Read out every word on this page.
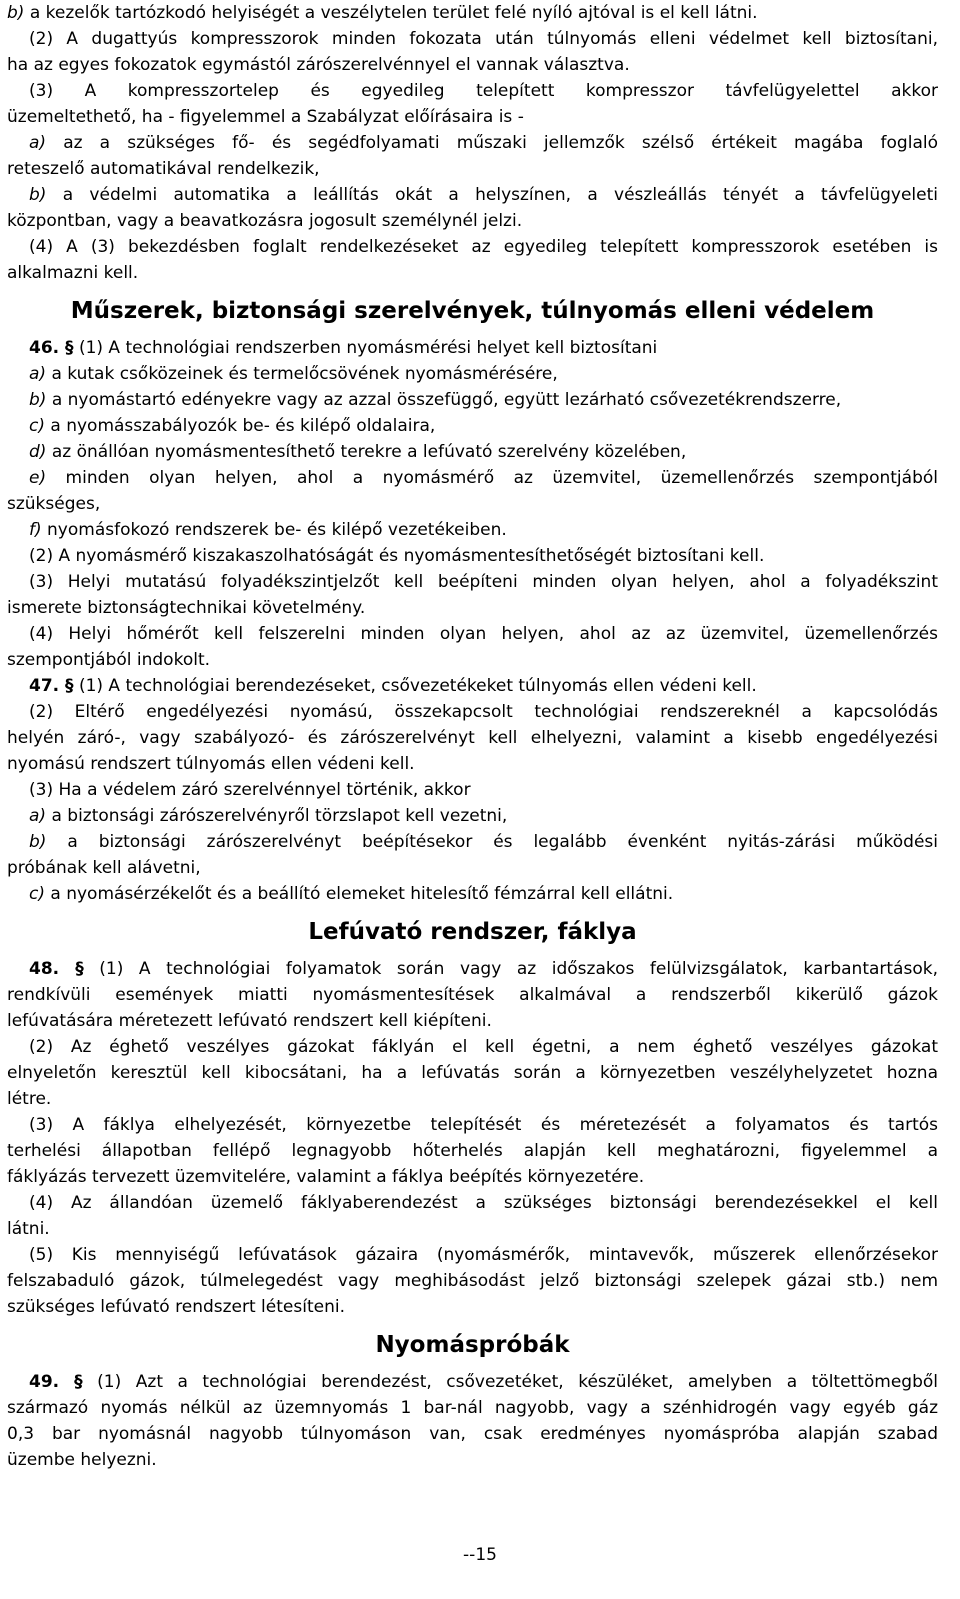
b) a kezelők tartózkodó helyiségét a veszélytelen terület felé nyíló ajtóval is el kell látni.
(2) A dugattyús kompresszorok minden fokozata után túlnyomás elleni védelmet kell biztosítani,
ha az egyes fokozatok egymástól zárószerelvénnyel el vannak választva.
(3) A kompresszortelep és egyedileg telepített kompresszor távfelügyelettel akkor
üzemeltethető, ha - figyelemmel a Szabályzat előírásaira is -
a) az a szükséges fő- és segédfolyamati műszaki jellemzők szélső értékeit magába foglaló
reteszelő automatikával rendelkezik,
b) a védelmi automatika a leállítás okát a helyszínen, a vészleállás tényét a távfelügyeleti
központban, vagy a beavatkozásra jogosult személynél jelzi.
(4) A (3) bekezdésben foglalt rendelkezéseket az egyedileg telepített kompresszorok esetében is
alkalmazni kell.
Műszerek, biztonsági szerelvények, túlnyomás elleni védelem
46. § (1) A technológiai rendszerben nyomásmérési helyet kell biztosítani
a) a kutak csőközeinek és termelőcsövének nyomásmérésére,
b) a nyomástartó edényekre vagy az azzal összefüggő, együtt lezárható csővezetékrendszerre,
c) a nyomásszabályozók be- és kilépő oldalaira,
d) az önállóan nyomásmentesíthető terekre a lefúvató szerelvény közelében,
e) minden olyan helyen, ahol a nyomásmérő az üzemvitel, üzemellenőrzés szempontjából
szükséges,
f) nyomásfokozó rendszerek be- és kilépő vezetékeiben.
(2) A nyomásmérő kiszakaszolhatóságát és nyomásmentesíthetőségét biztosítani kell.
(3) Helyi mutatású folyadékszintjelzőt kell beépíteni minden olyan helyen, ahol a folyadékszint
ismerete biztonságtechnikai követelmény.
(4) Helyi hőmérőt kell felszerelni minden olyan helyen, ahol az az üzemvitel, üzemellenőrzés
szempontjából indokolt.
47. § (1) A technológiai berendezéseket, csővezetékeket túlnyomás ellen védeni kell.
(2) Eltérő engedélyezési nyomású, összekapcsolt technológiai rendszereknél a kapcsolódás
helyén záró-, vagy szabályozó- és zárószerelvényt kell elhelyezni, valamint a kisebb engedélyezési
nyomású rendszert túlnyomás ellen védeni kell.
(3) Ha a védelem záró szerelvénnyel történik, akkor
a) a biztonsági zárószerelvényről törzslapot kell vezetni,
b) a biztonsági zárószerelvényt beépítésekor és legalább évenként nyitás-zárási működési
próbának kell alávetni,
c) a nyomásérzékelőt és a beállító elemeket hitelesítő fémzárral kell ellátni.
Lefúvató rendszer, fáklya
48. § (1) A technológiai folyamatok során vagy az időszakos felülvizsgálatok, karbantartások,
rendkívüli események miatti nyomásmentesítések alkalmával a rendszerből kikerülő gázok
lefúvatására méretezett lefúvató rendszert kell kiépíteni.
(2) Az éghető veszélyes gázokat fáklyán el kell égetni, a nem éghető veszélyes gázokat
elnyeletőn keresztül kell kibocsátani, ha a lefúvatás során a környezetben veszélyhelyzetet hozna
létre.
(3) A fáklya elhelyezését, környezetbe telepítését és méretezését a folyamatos és tartós
terhelési állapotban fellépő legnagyobb hőterhelés alapján kell meghatározni, figyelemmel a
fáklyázás tervezett üzemvitelére, valamint a fáklya beépítés környezetére.
(4) Az állandóan üzemelő fáklyaberendezést a szükséges biztonsági berendezésekkel el kell
látni.
(5) Kis mennyiségű lefúvatások gázaira (nyomásmérők, mintavevők, műszerek ellenőrzésekor
felszabaduló gázok, túlmelegedést vagy meghibásodást jelző biztonsági szelepek gázai stb.) nem
szükséges lefúvató rendszert létesíteni.
Nyomáspróbák
49. § (1) Azt a technológiai berendezést, csővezetéket, készüléket, amelyben a töltettömegből
származó nyomás nélkül az üzemnyomás 1 bar-nál nagyobb, vagy a szénhidrogén vagy egyéb gáz
0,3 bar nyomásnál nagyobb túlnyomáson van, csak eredményes nyomáspróba alapján szabad
üzembe helyezni.
--15
